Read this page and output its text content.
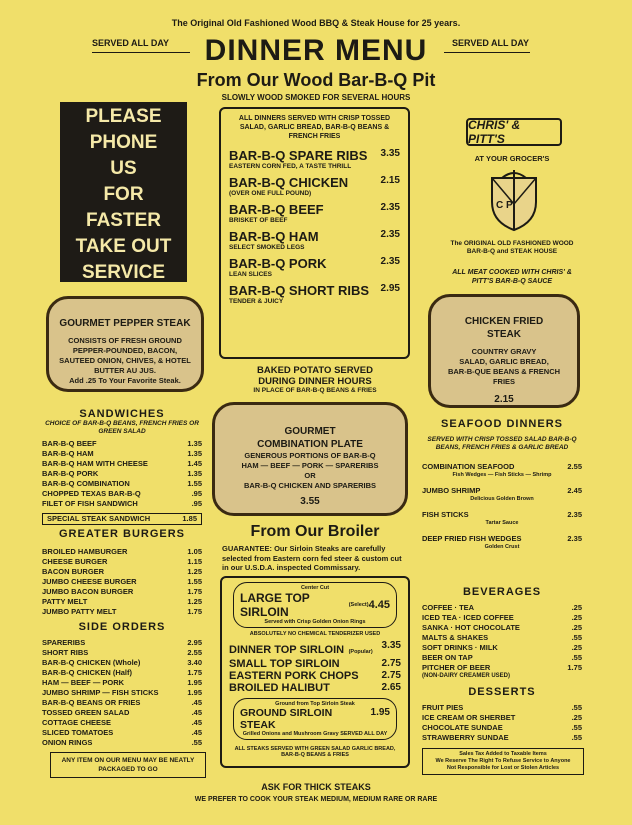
The Original Old Fashioned Wood BBQ & Steak House for 25 years.
SERVED ALL DAY	SERVED ALL DAY
DINNER MENU
From Our Wood Bar-B-Q Pit
SLOWLY WOOD SMOKED FOR SEVERAL HOURS
PLEASE
PHONE
US
FOR
FASTER
TAKE OUT
SERVICE
GOURMET PEPPER STEAK
CONSISTS OF FRESH GROUND PEPPER-POUNDED, BACON, SAUTEED ONION, CHIVES, & HOTEL BUTTER AU JUS.
Add .25 To Your Favorite Steak.
SANDWICHES
CHOICE OF BAR-B-Q BEANS, FRENCH FRIES OR GREEN SALAD
BAR-B-Q BEEF	1.35
BAR-B-Q HAM	1.35
BAR-B-Q HAM WITH CHEESE	1.45
BAR-B-Q PORK	1.35
BAR-B-Q COMBINATION	1.55
CHOPPED TEXAS BAR-B-Q	.95
FILET OF FISH SANDWICH	.95
SPECIAL STEAK SANDWICH	1.85
GREATER BURGERS
BROILED HAMBURGER	1.05
CHEESE BURGER	1.15
BACON BURGER	1.25
JUMBO CHEESE BURGER	1.55
JUMBO BACON BURGER	1.75
PATTY MELT	1.25
JUMBO PATTY MELT	1.75
SIDE ORDERS
SPARERIBS	2.95
SHORT RIBS	2.55
BAR-B-Q CHICKEN (Whole)	3.40
BAR-B-Q CHICKEN (Half)	1.75
HAM — BEEF — PORK	1.95
JUMBO SHRIMP — FISH STICKS	1.95
BAR-B-Q BEANS OR FRIES	.45
TOSSED GREEN SALAD	.45
COTTAGE CHEESE	.45
SLICED TOMATOES	.45
ONION RINGS	.55
ANY ITEM ON OUR MENU MAY BE NEATLY PACKAGED TO GO
ALL DINNERS SERVED WITH CRISP TOSSED SALAD, GARLIC BREAD, BAR-B-Q BEANS & FRENCH FRIES
BAR-B-Q SPARE RIBS 3.35
EASTERN CORN FED, A TASTE THRILL
BAR-B-Q CHICKEN	2.15
(OVER ONE FULL POUND)
BAR-B-Q BEEF	2.35
BRISKET OF BEEF
BAR-B-Q HAM	2.35
SELECT SMOKED LEGS
BAR-B-Q PORK	2.35
LEAN SLICES
BAR-B-Q SHORT RIBS 2.95
TENDER & JUICY
BAKED POTATO SERVED
DURING DINNER HOURS
IN PLACE OF BAR-B-Q BEANS & FRIES
GOURMET
COMBINATION PLATE
GENEROUS PORTIONS OF BAR-B-Q
HAM — BEEF — PORK — SPARERIBS
OR
BAR-B-Q CHICKEN AND SPARERIBS
3.55
From Our Broiler
GUARANTEE: Our Sirloin Steaks are carefully selected from Eastern corn fed steer & custom cut in our U.S.D.A. inspected Commissary.
Center Cut
LARGE TOP SIRLOIN	(Select) 4.45
Served with Crisp Golden Onion Rings
ABSOLUTELY NO CHEMICAL TENDERIZER USED
DINNER TOP SIRLOIN (Popular)
3.35
SMALL TOP SIRLOIN	2.75
EASTERN PORK CHOPS 2.75
BROILED HALIBUT	2.65
Ground from Top Sirloin Steak
GROUND SIRLOIN STEAK
1.95
Grilled Onions and Mushroom Gravy SERVED ALL DAY
ALL STEAKS SERVED WITH GREEN SALAD GARLIC BREAD, BAR-B-Q BEANS & FRIES
ASK FOR THICK STEAKS
WE PREFER TO COOK YOUR STEAK MEDIUM, MEDIUM RARE OR RARE
CHRIS' & PITT'S
AT YOUR GROCER'S
C P
The ORIGINAL OLD FASHIONED WOOD BAR-B-Q and STEAK HOUSE
ALL MEAT COOKED WITH CHRIS' & PITT'S BAR-B-Q SAUCE
CHICKEN FRIED
STEAK
COUNTRY GRAVY
SALAD, GARLIC BREAD,
BAR-B-QUE BEANS & FRENCH FRIES
2.15
SEAFOOD DINNERS
SERVED WITH CRISP TOSSED SALAD BAR-B-Q BEANS, FRENCH FRIES & GARLIC BREAD
COMBINATION SEAFOOD	2.55
Fish Wedges — Fish Sticks — Shrimp
JUMBO SHRIMP	2.45
Delicious Golden Brown
FISH STICKS	2.35
Tartar Sauce
DEEP FRIED FISH WEDGES	2.35
Golden Crust
BEVERAGES
COFFEE · TEA	.25
ICED TEA · ICED COFFEE	.25
SANKA · HOT CHOCOLATE	.25
MALTS & SHAKES	.55
SOFT DRINKS · MILK	.25
BEER ON TAP	.55
PITCHER OF BEER	1.75
(NON-DAIRY CREAMER USED)
DESSERTS
FRUIT PIES	.55
ICE CREAM OR SHERBET	.25
CHOCOLATE SUNDAE	.55
STRAWBERRY SUNDAE	.55
Sales Tax Added to Taxable Items
We Reserve The Right To Refuse Service to Anyone
Not Responsible for Lost or Stolen Articles
